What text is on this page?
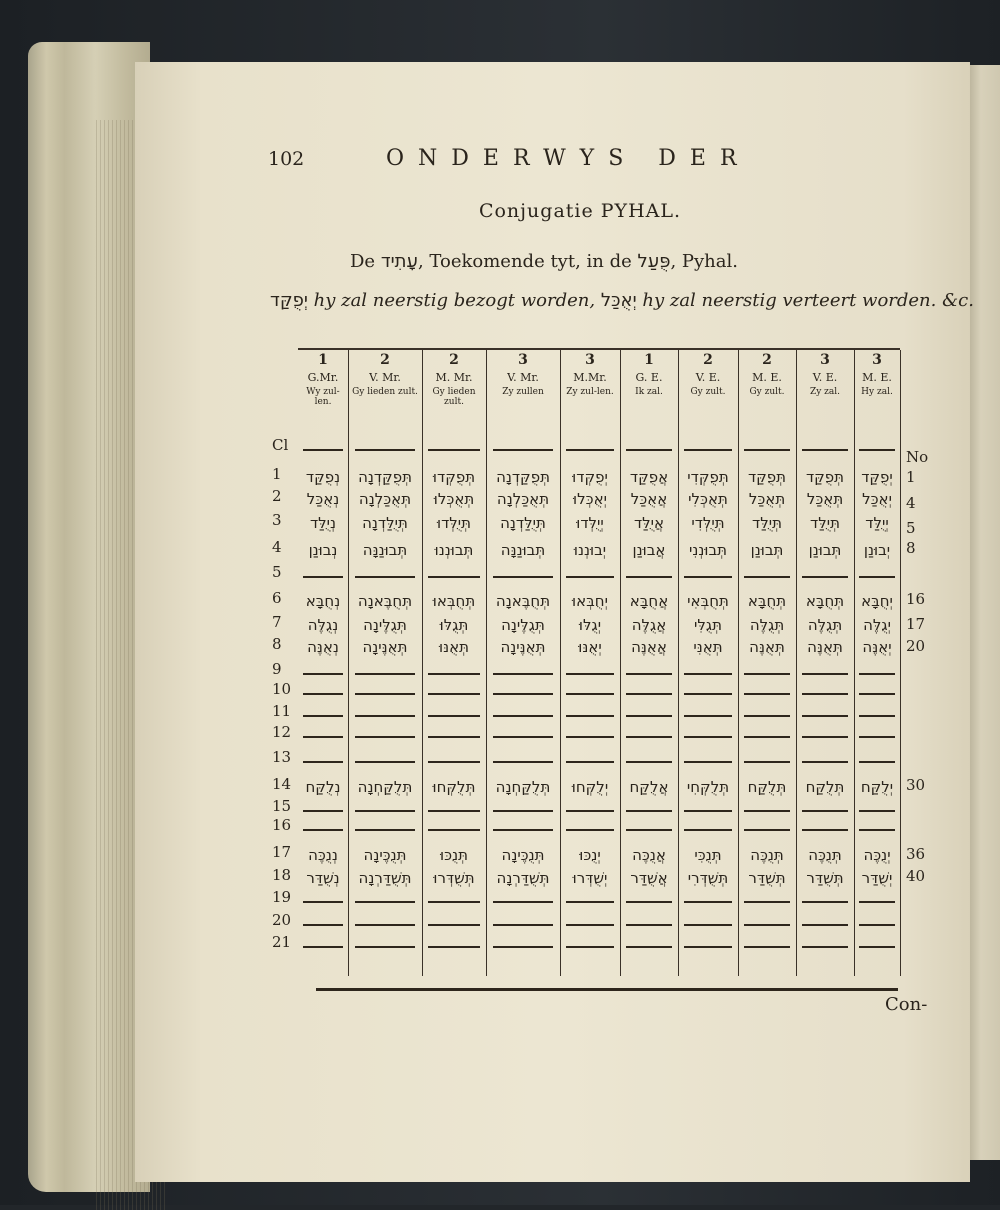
102	ONDERWYS DER
Conjugatie PYHAL.
De עָתִיד, Toekomende tyt, in de פֻּעַל, Pyhal.
יְפֻקַּד hy zal neerstig bezogt worden, יְאֻכַּל hy zal neerstig verteert worden. &c.
1
G.Mr.
Wy zul-len.
נְפֻקַּד
נְאֻכַּל
נְיֻלַּד
נְבוּנַן
נְחֻבָּא
נְגֻלֶּה
נְאֻנֶּה
נְלֻקַּח
נְנֻכֶּה
נְשֻׁדַּר
2
V. Mr.
Gy lieden zult.
תְּפֻקַּדְנָה
תְּאֻכַּלְנָה
תְּיֻלַּדְנָה
תְּבוּנַנָּה
תְּחֻבֶּאנָה
תְּגֻלֶּינָה
תְּאֻנֶּינָה
תְּלֻקַּחְנָה
תְּנֻכֶּינָה
תְּשֻׁדַּרְנָה
2
M. Mr.
Gy lieden zult.
תְּפֻקְּדוּ
תְּאֻכְּלוּ
תְּיֻלְּדוּ
תְּבוּנְנוּ
תְּחֻבְּאוּ
תְּגֻלּוּ
תְּאֻנּוּ
תְּלֻקְּחוּ
תְּנֻכּוּ
תְּשֻׁדְּרוּ
3
V. Mr.
Zy zullen
תְּפֻקַּדְנָה
תְּאֻכַּלְנָה
תְּיֻלַּדְנָה
תְּבוּנַנָּה
תְּחֻבֶּאנָה
תְּגֻלֶּינָה
תְּאֻנֶּינָה
תְּלֻקַּחְנָה
תְּנֻכֶּינָה
תְּשֻׁדַּרְנָה
3
M.Mr.
Zy zul-len.
יְפֻקְּדוּ
יְאֻכְּלוּ
יְיֻלְּדוּ
יְבוּנְנוּ
יְחֻבְּאוּ
יְגֻלּוּ
יְאֻנּוּ
יְלֻקְּחוּ
יְנֻכּוּ
יְשֻׁדְּרוּ
1
G. E.
Ik zal.
אֲפֻקַּד
אֲאֻכַּל
אֲיֻלַּד
אֲבוּנַן
אֲחֻבָּא
אֲגֻלֶּה
אֲאֻנֶּה
אֲלֻקַּח
אֲנֻכֶּה
אֲשֻׁדַּר
2
V. E.
Gy zult.
תְּפֻקְּדִי
תְּאֻכְּלִי
תְּיֻלְּדִי
תְּבוּנְנִי
תְּחֻבְּאִי
תְּגֻלִּי
תְּאֻנִּי
תְּלֻקְּחִי
תְּנֻכִּי
תְּשֻׁדְּרִי
2
M. E.
Gy zult.
תְּפֻקַּד
תְּאֻכַּל
תְּיֻלַּד
תְּבוּנַן
תְּחֻבָּא
תְּגֻלֶּה
תְּאֻנֶּה
תְּלֻקַּח
תְּנֻכֶּה
תְּשֻׁדַּר
3
V. E.
Zy zal.
תְּפֻקַּד
תְּאֻכַּל
תְּיֻלַּד
תְּבוּנַן
תְּחֻבָּא
תְּגֻלֶּה
תְּאֻנֶּה
תְּלֻקַּח
תְּנֻכֶּה
תְּשֻׁדַּר
3
M. E.
Hy zal.
יְפֻקַּד
יְאֻכַּל
יְיֻלַּד
יְבוּנַן
יְחֻבָּא
יְגֻלֶּה
יְאֻנֶּה
יְלֻקַּח
יְנֻכֶּה
יְשֻׁדַּר
Cl
1
2
3
4
5
6
7
8
9
10
11
12
13
14
15
16
17
18
19
20
21
No
1
4
5
8
16
17
20
30
36
40
Con-
